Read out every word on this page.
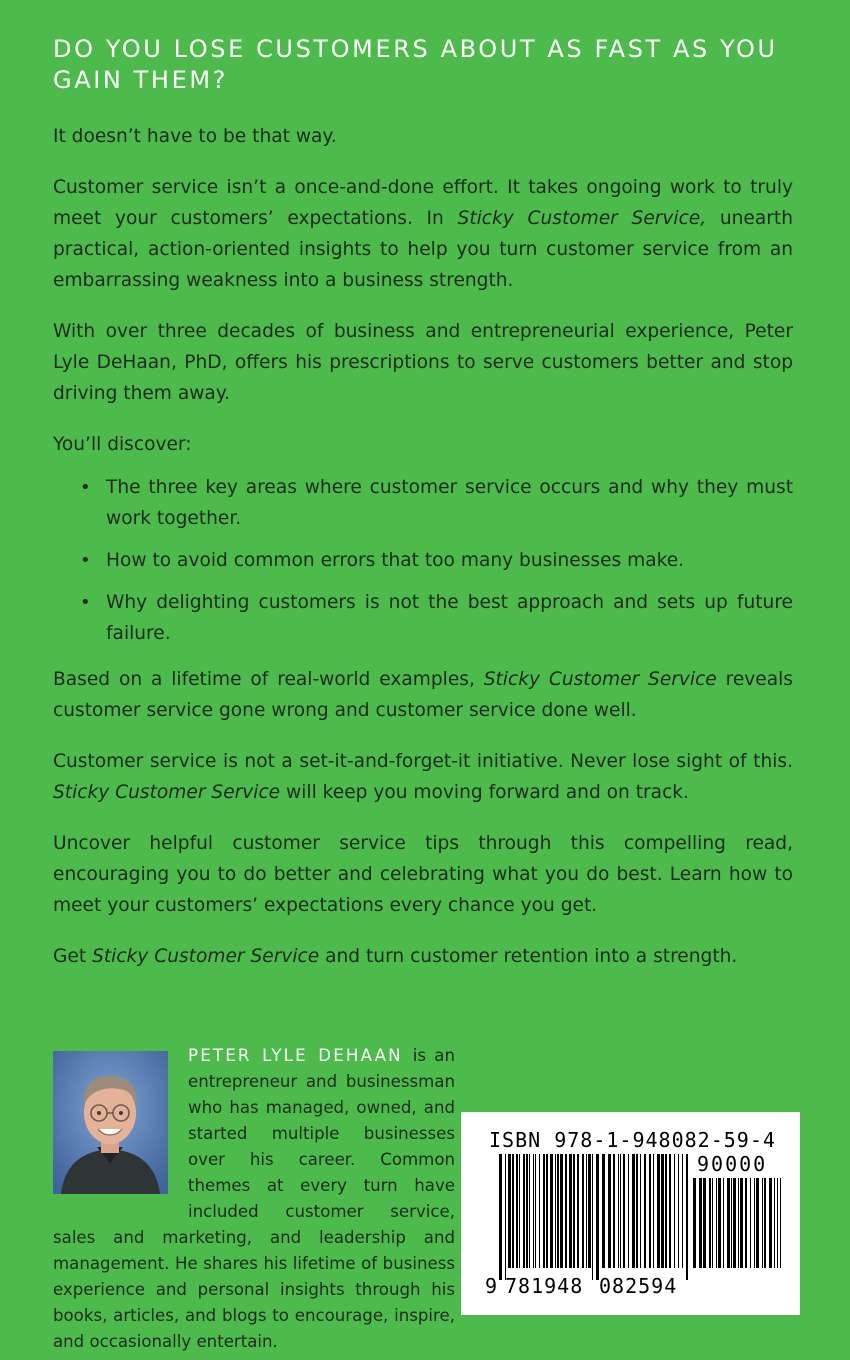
DO YOU LOSE CUSTOMERS ABOUT AS FAST AS YOU GAIN THEM?

It doesn’t have to be that way.

Customer service isn’t a once-and-done effort. It takes ongoing work to truly meet your customers’ expectations. In Sticky Customer Service, unearth practical, action-oriented insights to help you turn customer service from an embarrassing weakness into a business strength.

With over three decades of business and entrepreneurial experience, Peter Lyle DeHaan, PhD, offers his prescriptions to serve customers better and stop driving them away.

You’ll discover:

• The three key areas where customer service occurs and why they must work together.
• How to avoid common errors that too many businesses make.
• Why delighting customers is not the best approach and sets up future failure.

Based on a lifetime of real-world examples, Sticky Customer Service reveals customer service gone wrong and customer service done well.

Customer service is not a set-it-and-forget-it initiative. Never lose sight of this. Sticky Customer Service will keep you moving forward and on track.

Uncover helpful customer service tips through this compelling read, encouraging you to do better and celebrating what you do best. Learn how to meet your customers’ expectations every chance you get.

Get Sticky Customer Service and turn customer retention into a strength.

PETER LYLE DEHAAN is an entrepreneur and businessman who has managed, owned, and started multiple businesses over his career. Common themes at every turn have included customer service, sales and marketing, and leadership and management. He shares his lifetime of business experience and personal insights through his books, articles, and blogs to encourage, inspire, and occasionally entertain.

ISBN 978-1-948082-59-4
90000
9 781948 082594
